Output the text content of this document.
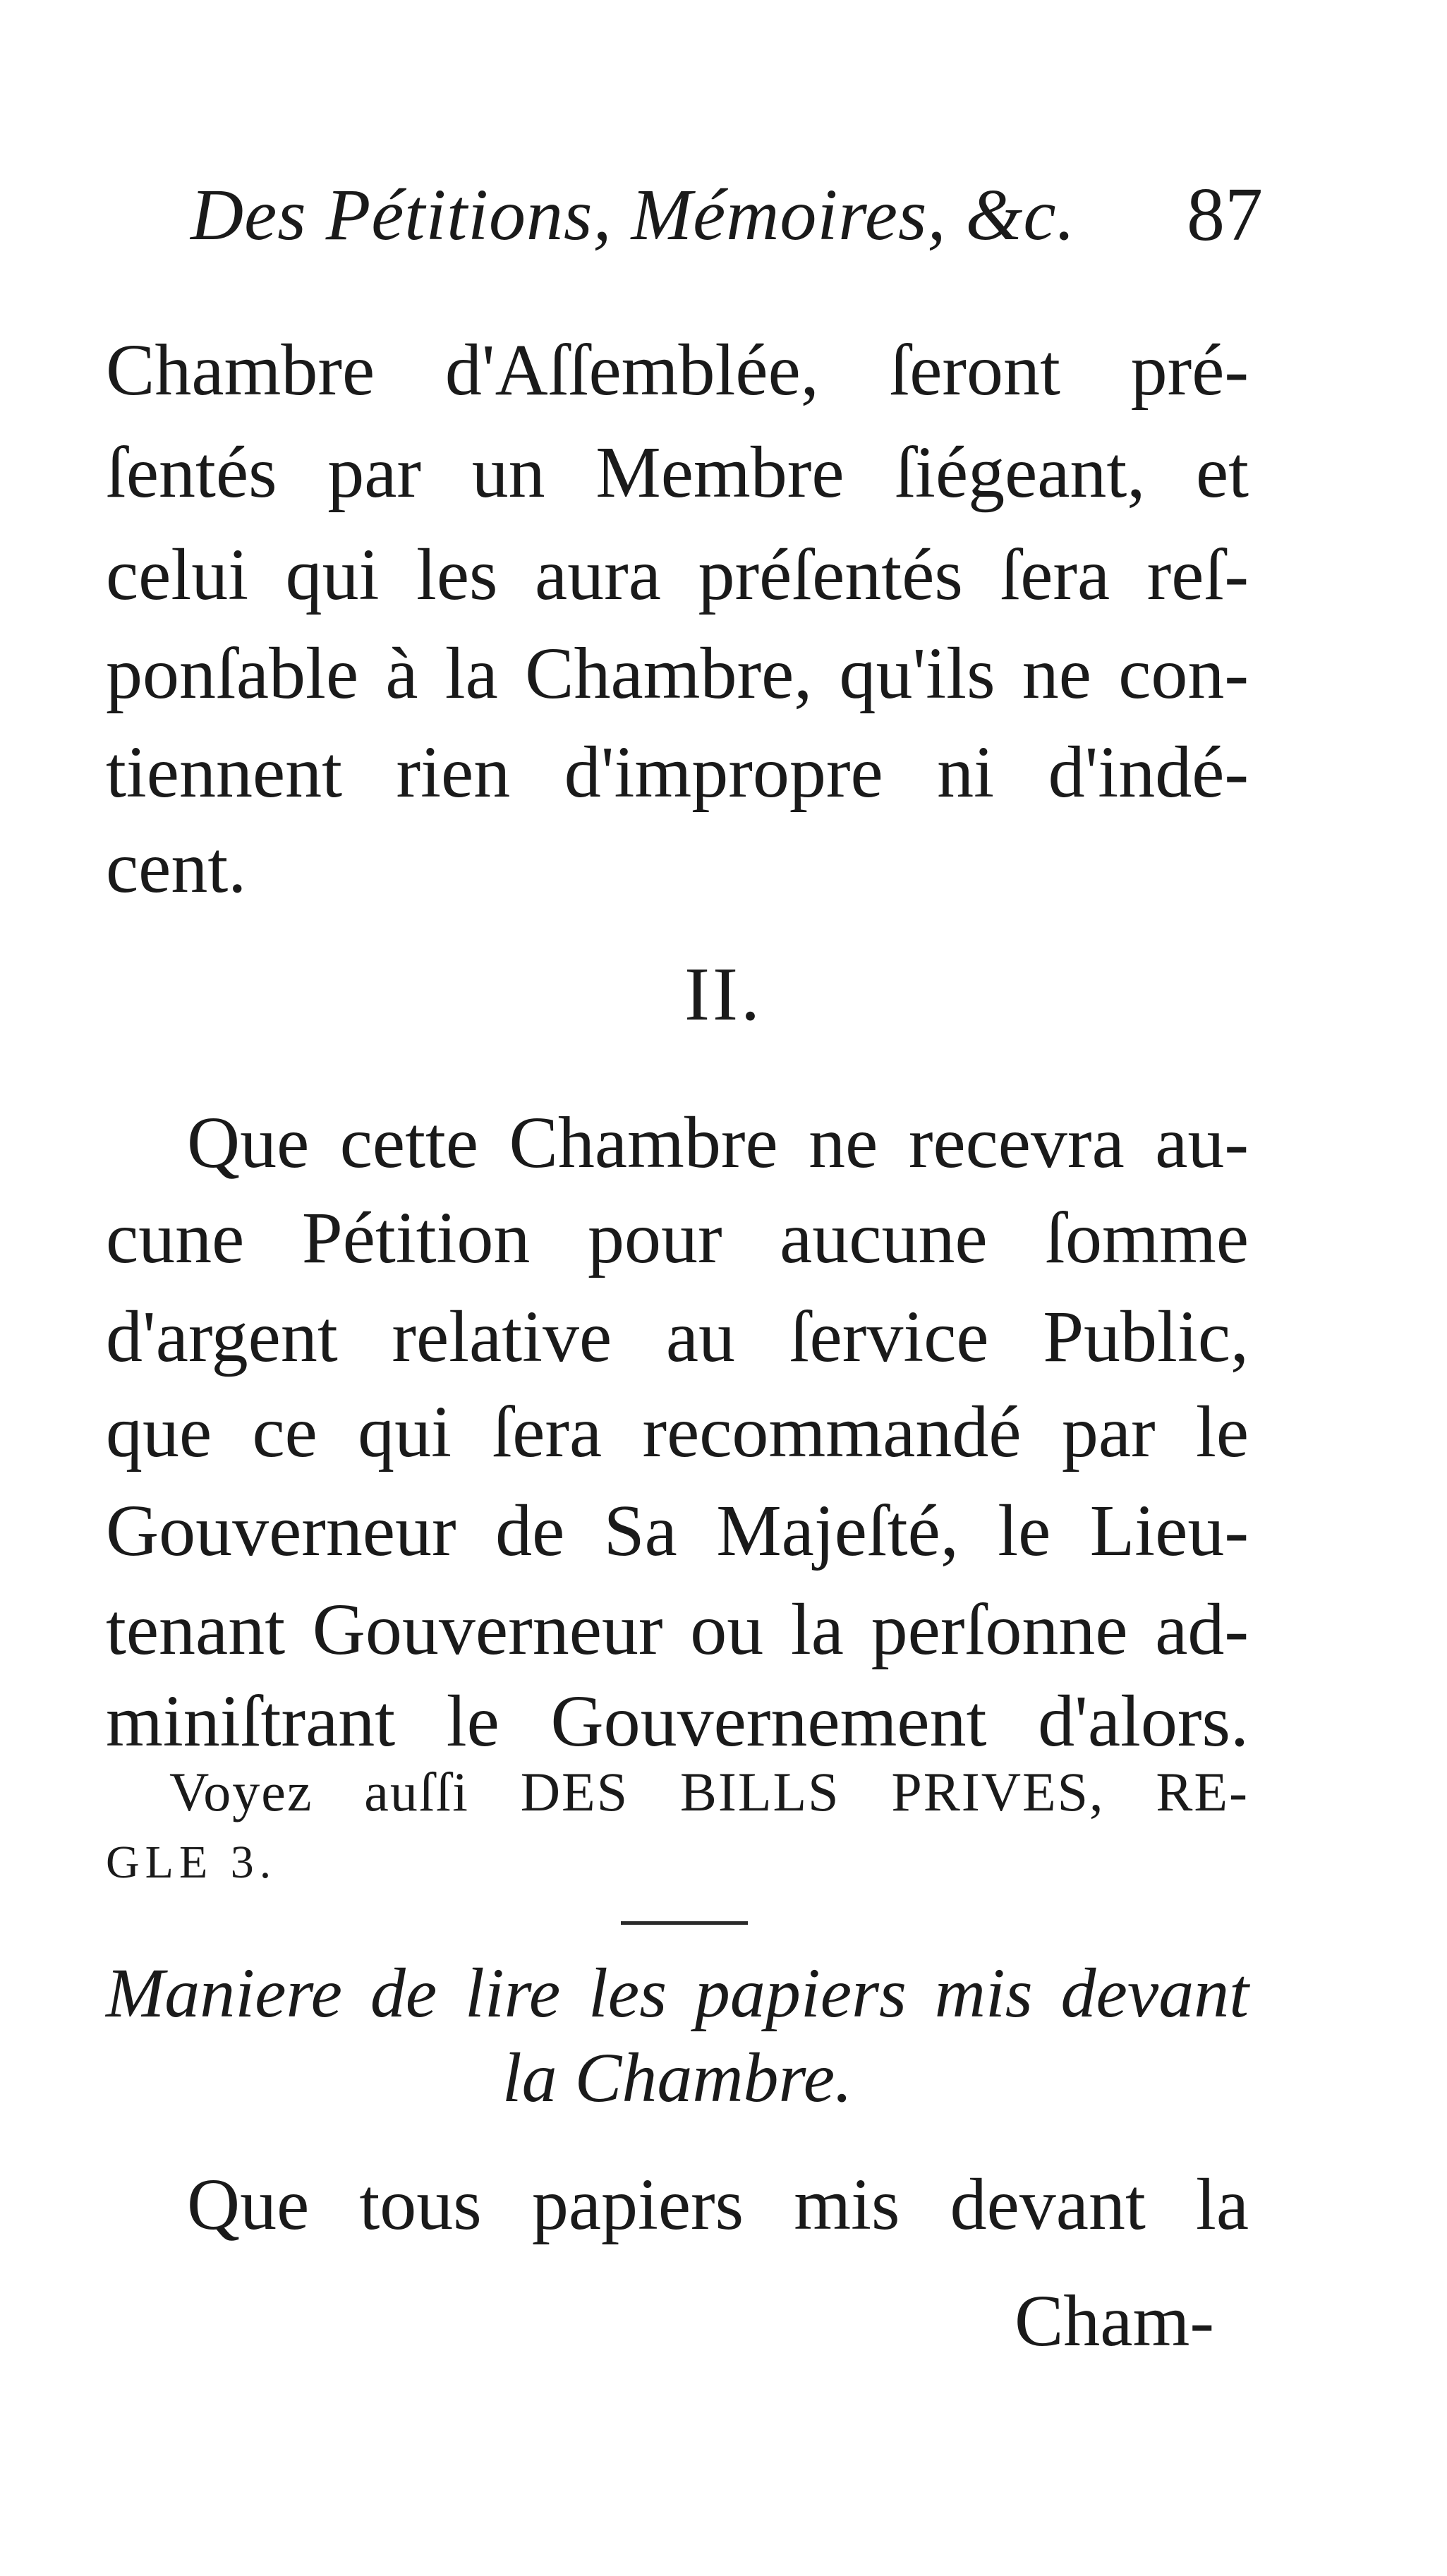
Des Pétitions, Mémoires, &c. 87
Chambre d'Aſſemblée, ſeront pré-
ſentés par un Membre ſiégeant, et
celui qui les aura préſentés ſera reſ-
ponſable à la Chambre, qu'ils ne con-
tiennent rien d'impropre ni d'indé-
cent.
II.
Que cette Chambre ne recevra au-
cune Pétition pour aucune ſomme
d'argent relative au ſervice Public,
que ce qui ſera recommandé par le
Gouverneur de Sa Majeſté, le Lieu-
tenant Gouverneur ou la perſonne ad-
miniſtrant le Gouvernement d'alors.
Voyez auſſi DES BILLS PRIVES, RE-
GLE 3.
Maniere de lire les papiers mis devant
la Chambre.
Que tous papiers mis devant la
Cham-
